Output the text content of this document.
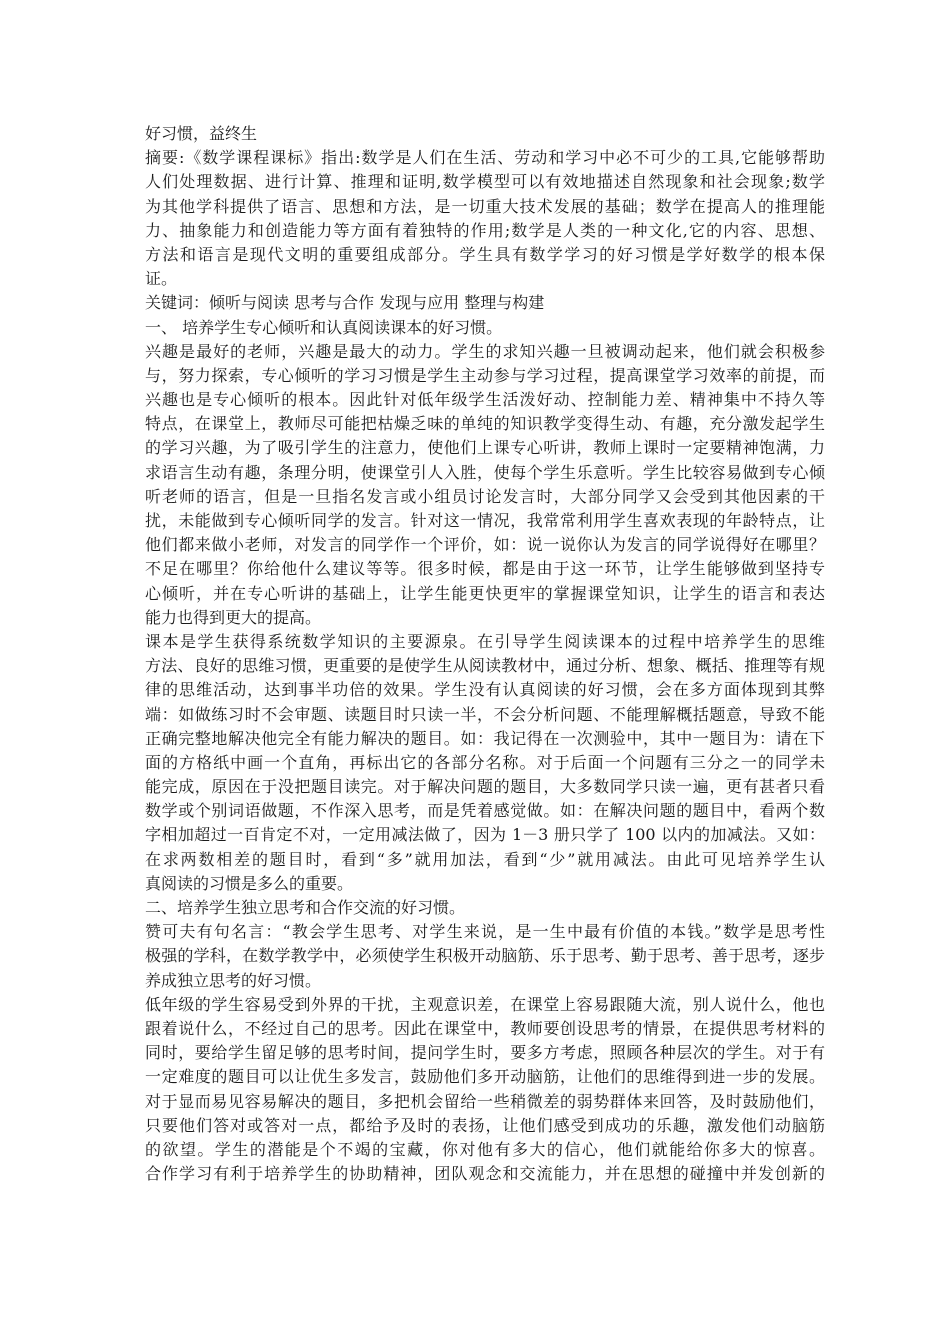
好习惯，益终生
摘要:《数学课程课标》指出:数学是人们在生活、劳动和学习中必不可少的工具,它能够帮助
人们处理数据、进行计算、推理和证明,数学模型可以有效地描述自然现象和社会现象;数学
为其他学科提供了语言、思想和方法，是一切重大技术发展的基础；数学在提高人的推理能
力、抽象能力和创造能力等方面有着独特的作用;数学是人类的一种文化,它的内容、思想、
方法和语言是现代文明的重要组成部分。学生具有数学学习的好习惯是学好数学的根本保
证。
关键词：倾听与阅读 思考与合作 发现与应用 整理与构建
一、 培养学生专心倾听和认真阅读课本的好习惯。
兴趣是最好的老师，兴趣是最大的动力。学生的求知兴趣一旦被调动起来，他们就会积极参
与，努力探索，专心倾听的学习习惯是学生主动参与学习过程，提高课堂学习效率的前提，而
兴趣也是专心倾听的根本。因此针对低年级学生活泼好动、控制能力差、精神集中不持久等
特点，在课堂上，教师尽可能把枯燥乏味的单纯的知识教学变得生动、有趣，充分激发起学生
的学习兴趣，为了吸引学生的注意力，使他们上课专心听讲，教师上课时一定要精神饱满，力
求语言生动有趣，条理分明，使课堂引人入胜，使每个学生乐意听。学生比较容易做到专心倾
听老师的语言，但是一旦指名发言或小组员讨论发言时，大部分同学又会受到其他因素的干
扰，未能做到专心倾听同学的发言。针对这一情况，我常常利用学生喜欢表现的年龄特点，让
他们都来做小老师，对发言的同学作一个评价，如：说一说你认为发言的同学说得好在哪里？
不足在哪里？你给他什么建议等等。很多时候，都是由于这一环节，让学生能够做到坚持专
心倾听，并在专心听讲的基础上，让学生能更快更牢的掌握课堂知识，让学生的语言和表达
能力也得到更大的提高。
课本是学生获得系统数学知识的主要源泉。在引导学生阅读课本的过程中培养学生的思维
方法、良好的思维习惯，更重要的是使学生从阅读教材中，通过分析、想象、概括、推理等有规
律的思维活动，达到事半功倍的效果。学生没有认真阅读的好习惯，会在多方面体现到其弊
端：如做练习时不会审题、读题目时只读一半，不会分析问题、不能理解概括题意，导致不能
正确完整地解决他完全有能力解决的题目。如：我记得在一次测验中，其中一题目为：请在下
面的方格纸中画一个直角，再标出它的各部分名称。对于后面一个问题有三分之一的同学未
能完成，原因在于没把题目读完。对于解决问题的题目，大多数同学只读一遍，更有甚者只看
数学或个别词语做题，不作深入思考，而是凭着感觉做。如：在解决问题的题目中，看两个数
字相加超过一百肯定不对，一定用减法做了，因为 1－3 册只学了 100 以内的加减法。又如：
在求两数相差的题目时，看到“多”就用加法，看到“少”就用减法。由此可见培养学生认
真阅读的习惯是多么的重要。
二、培养学生独立思考和合作交流的好习惯。
赞可夫有句名言：“教会学生思考、对学生来说，是一生中最有价值的本钱。”数学是思考性
极强的学科，在数学教学中，必须使学生积极开动脑筋、乐于思考、勤于思考、善于思考，逐步
养成独立思考的好习惯。
低年级的学生容易受到外界的干扰，主观意识差，在课堂上容易跟随大流，别人说什么，他也
跟着说什么，不经过自己的思考。因此在课堂中，教师要创设思考的情景，在提供思考材料的
同时，要给学生留足够的思考时间，提问学生时，要多方考虑，照顾各种层次的学生。对于有
一定难度的题目可以让优生多发言，鼓励他们多开动脑筋，让他们的思维得到进一步的发展。
对于显而易见容易解决的题目，多把机会留给一些稍微差的弱势群体来回答，及时鼓励他们，
只要他们答对或答对一点，都给予及时的表扬，让他们感受到成功的乐趣，激发他们动脑筋
的欲望。学生的潜能是个不竭的宝藏，你对他有多大的信心，他们就能给你多大的惊喜。
合作学习有利于培养学生的协助精神，团队观念和交流能力，并在思想的碰撞中并发创新的
